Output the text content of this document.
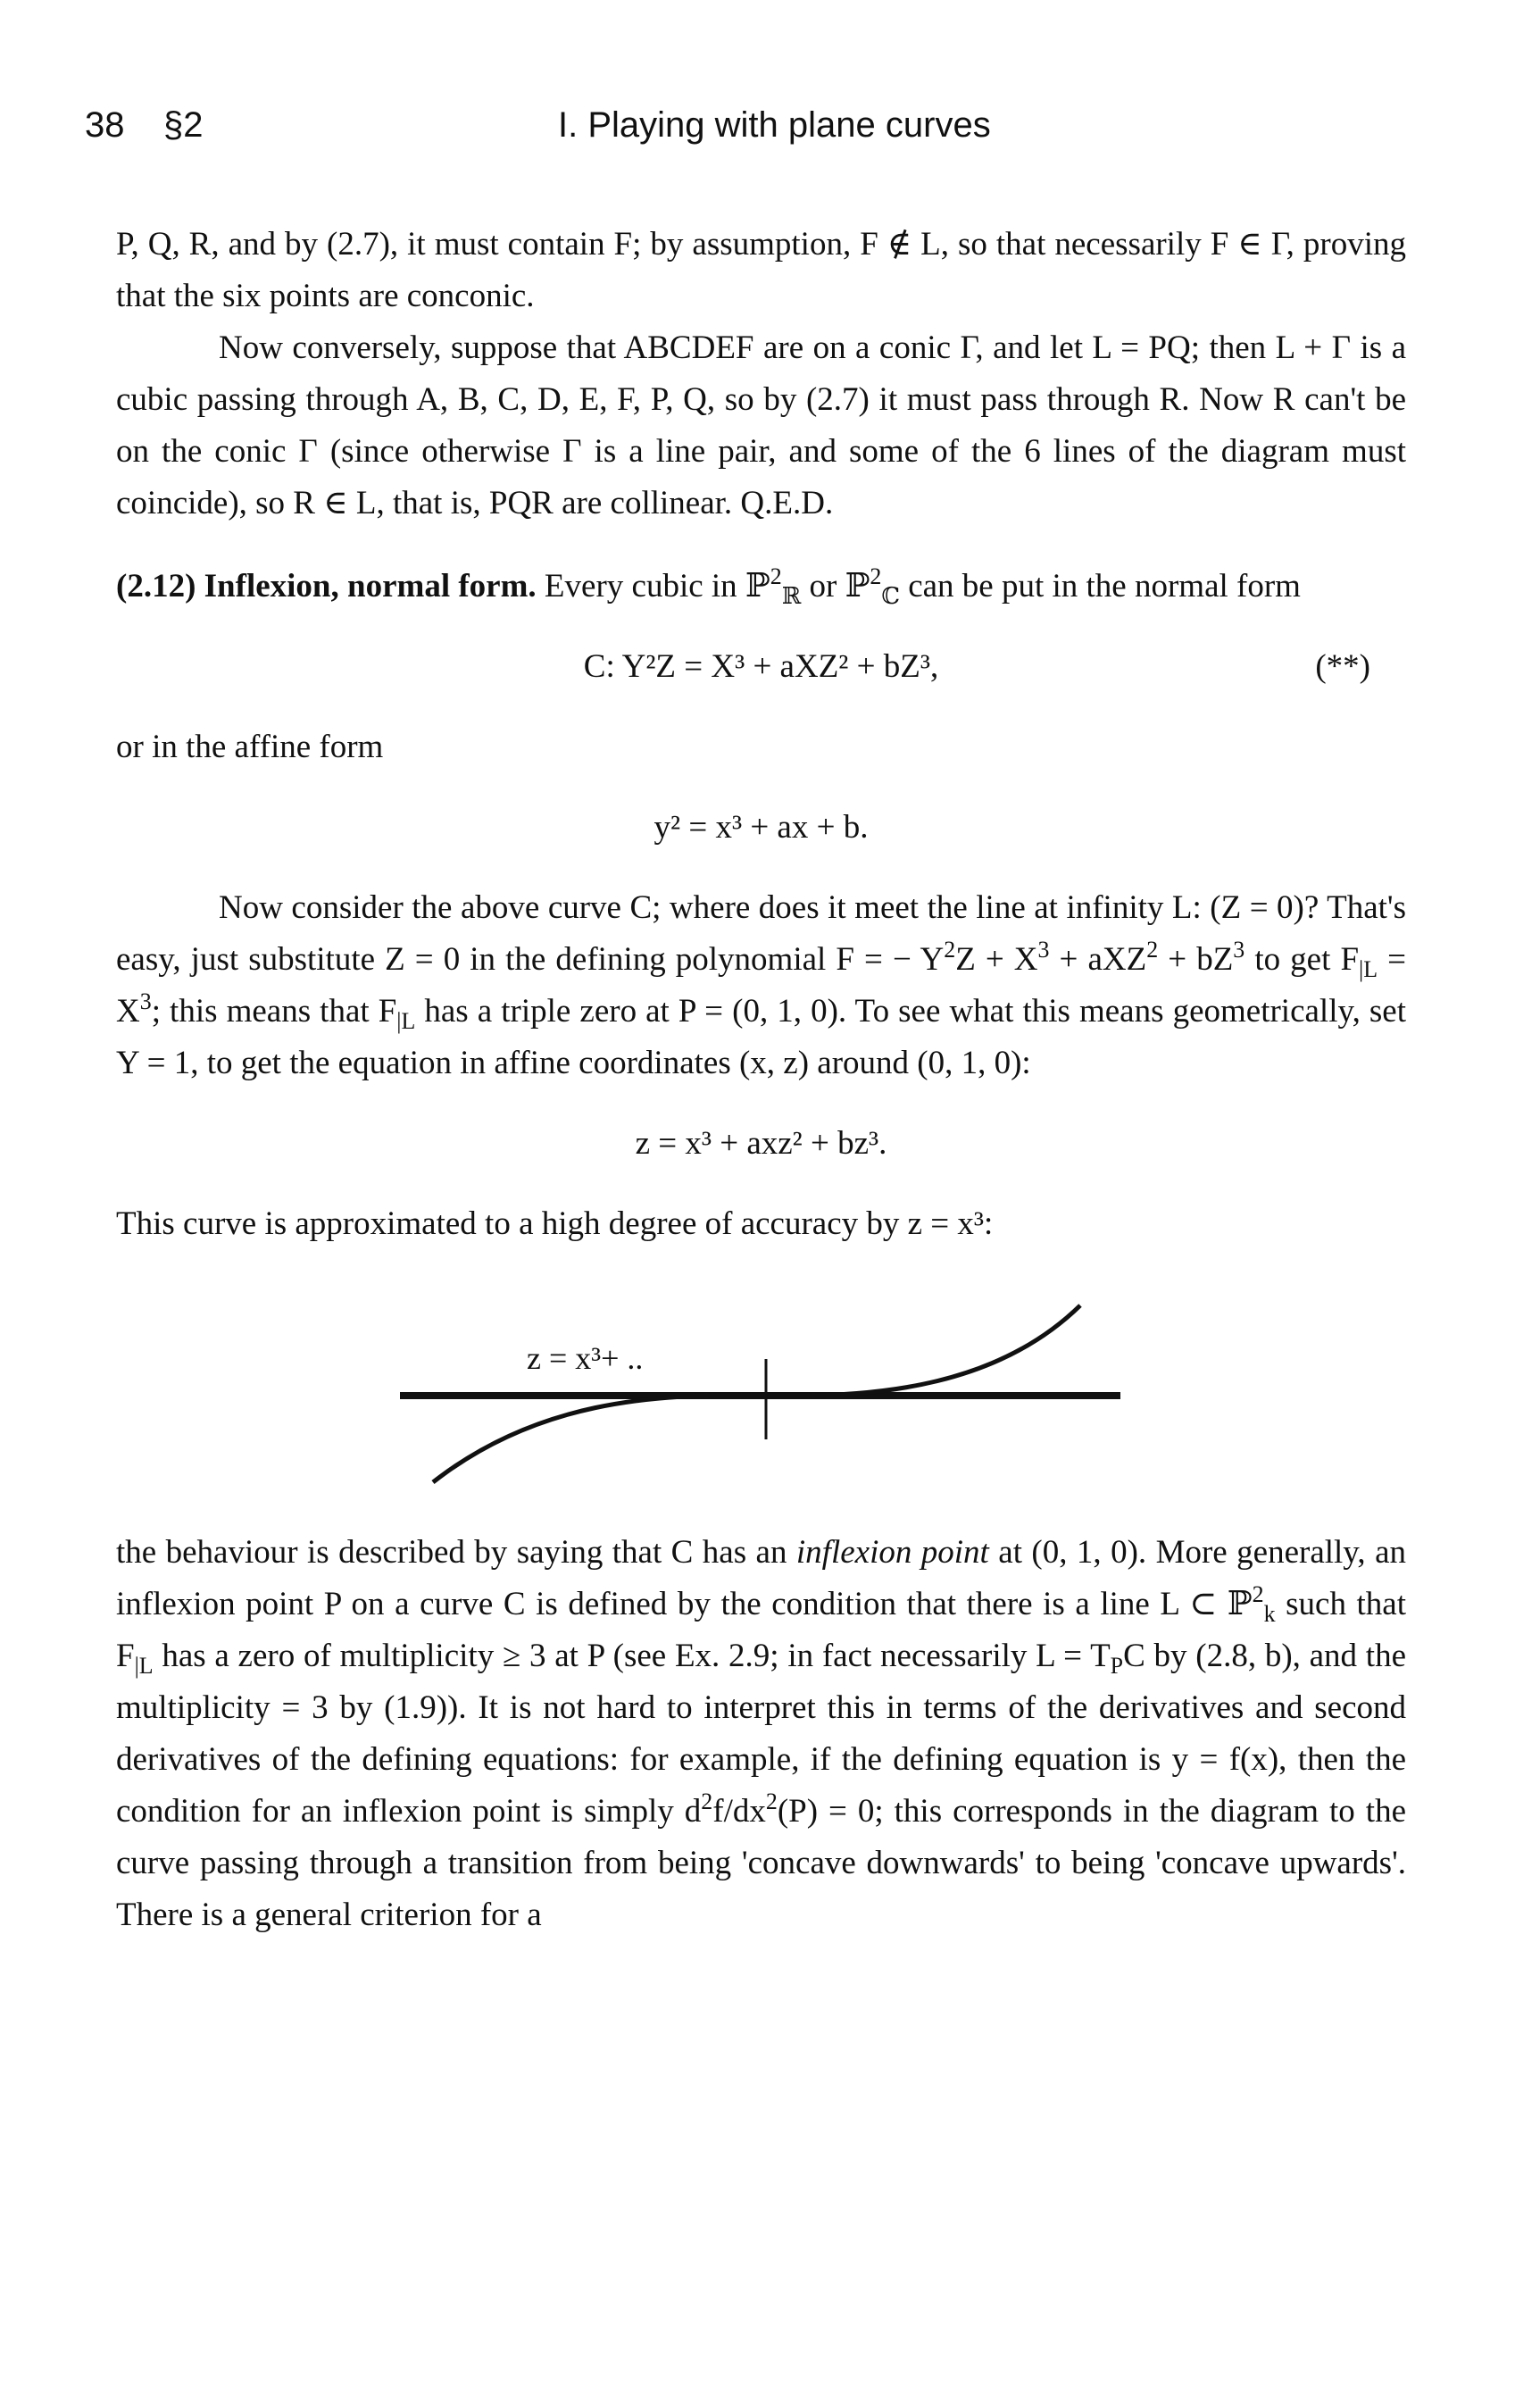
38 §2	I. Playing with plane curves

P, Q, R, and by (2.7), it must contain F; by assumption, F ∉ L, so that necessarily F ∈ Γ, proving that the six points are conconic.

Now conversely, suppose that ABCDEF are on a conic Γ, and let L = PQ; then L + Γ is a cubic passing through A, B, C, D, E, F, P, Q, so by (2.7) it must pass through R. Now R can't be on the conic Γ (since otherwise Γ is a line pair, and some of the 6 lines of the diagram must coincide), so R ∈ L, that is, PQR are collinear. Q.E.D.

(2.12) Inflexion, normal form. Every cubic in ℙ$^2_ℝ$ or ℙ$^2_ℂ$ can be put in the normal form

C: Y²Z = X³ + aXZ² + bZ³,	(**)

or in the affine form

y² = x³ + ax + b.

Now consider the above curve C; where does it meet the line at infinity L: (Z = 0)? That's easy, just substitute Z = 0 in the defining polynomial F = − $Y^2Z + X^3 + aXZ^2 + bZ^3$ to get $F_{|L} = X^3$; this means that $F_{|L}$ has a triple zero at P = (0, 1, 0). To see what this means geometrically, set Y = 1, to get the equation in affine coordinates (x, z) around (0, 1, 0):

z = x³ + axz² + bz³.

This curve is approximated to a high degree of accuracy by z = x³:

z = x³+ ..

the behaviour is described by saying that C has an inflexion point at (0, 1, 0). More generally, an inflexion point P on a curve C is defined by the condition that there is a line L ⊂ ℙ$^2_k$ such that $F_{|L}$ has a zero of multiplicity ≥ 3 at P (see Ex. 2.9; in fact necessarily $L = T_PC$ by (2.8, b), and the multiplicity = 3 by (1.9)). It is not hard to interpret this in terms of the derivatives and second derivatives of the defining equations: for example, if the defining equation is y = f(x), then the condition for an inflexion point is simply $d^2f/dx^2(P) = 0$; this corresponds in the diagram to the curve passing through a transition from being 'concave downwards' to being 'concave upwards'. There is a general criterion for a
